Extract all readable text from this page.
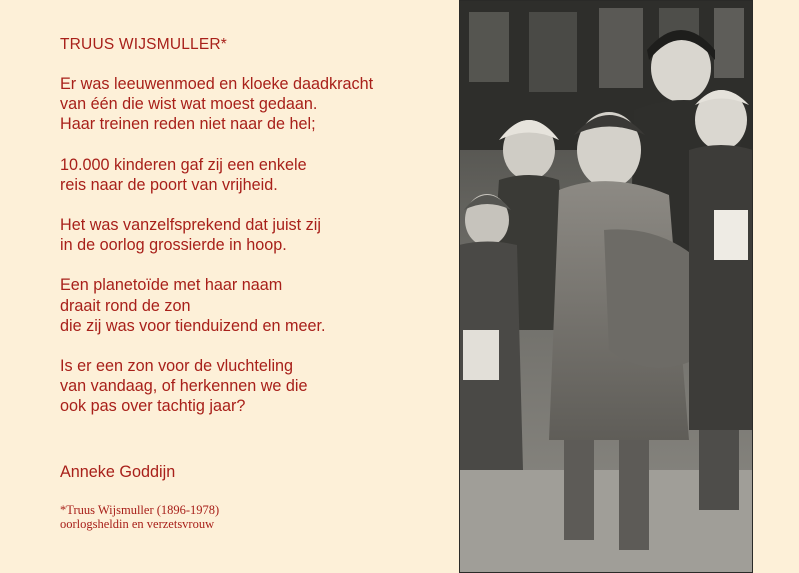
TRUUS WIJSMULLER*
Er was leeuwenmoed en kloeke daadkracht
van één die wist wat moest gedaan.
Haar treinen reden niet naar de hel;
10.000 kinderen gaf zij een enkele
reis naar de poort van vrijheid.
Het was vanzelfsprekend dat juist zij
in de oorlog grossierde in hoop.
Een planetoïde met haar naam
draait rond de zon
die zij was voor tienduizend en meer.
Is er een zon voor de vluchteling
van vandaag, of herkennen we die
ook pas over tachtig jaar?
Anneke Goddijn
*Truus Wijsmuller (1896-1978)
oorlogsheldin en verzetsvrouw
